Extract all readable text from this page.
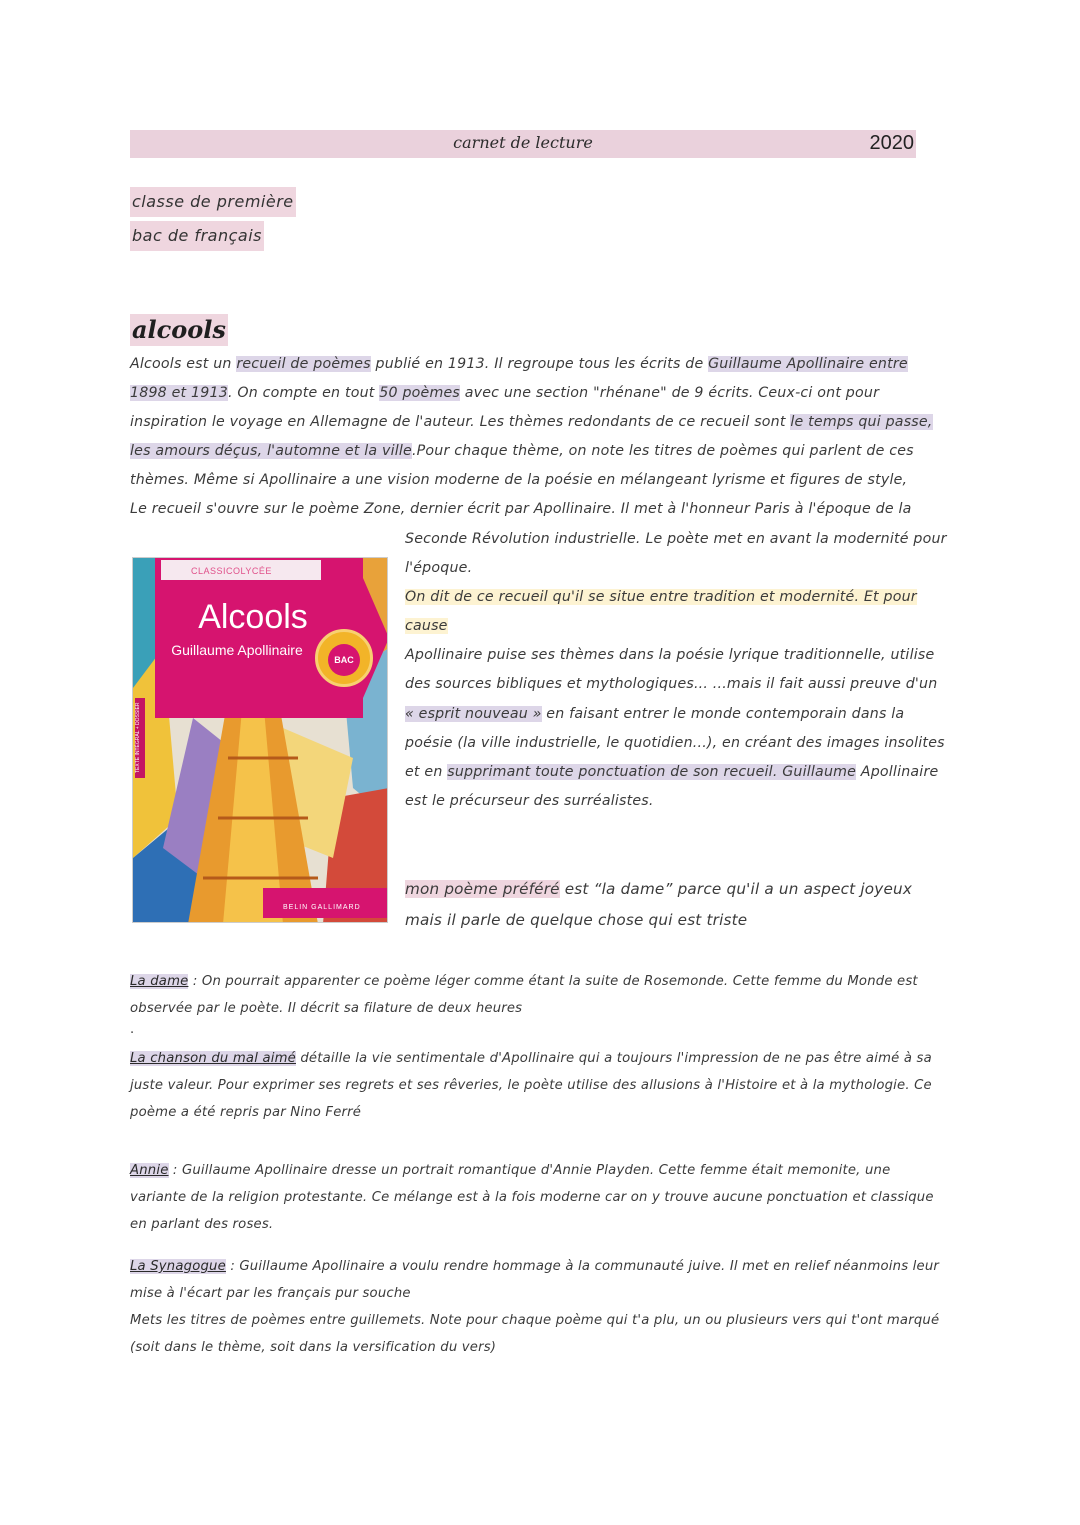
carnet de lecture	2020
classe de première
bac de français
alcools
Alcools est un recueil de poèmes publié en 1913. Il regroupe tous les écrits de Guillaume Apollinaire entre 1898 et 1913. On compte en tout 50 poèmes avec une section "rhénane" de 9 écrits. Ceux-ci ont pour inspiration le voyage en Allemagne de l'auteur. Les thèmes redondants de ce recueil sont le temps qui passe, les amours déçus, l'automne et la ville.Pour chaque thème, on note les titres de poèmes qui parlent de ces thèmes. Même si Apollinaire a une vision moderne de la poésie en mélangeant lyrisme et figures de style,
Le recueil s'ouvre sur le poème Zone, dernier écrit par Apollinaire. Il met à l'honneur Paris à l'époque de la
CLASSICOLYCÉE
Alcools
Guillaume Apollinaire
BAC
TEXTE INTÉGRAL + DOSSIER
BELIN GALLIMARD
Seconde Révolution industrielle. Le poète met en avant la modernité pour l'époque.
On dit de ce recueil qu'il se situe entre tradition et modernité. Et pour cause
Apollinaire puise ses thèmes dans la poésie lyrique traditionnelle, utilise des sources bibliques et mythologiques... ...mais il fait aussi preuve d'un « esprit nouveau » en faisant entrer le monde contemporain dans la poésie (la ville industrielle, le quotidien...), en créant des images insolites et en supprimant toute ponctuation de son recueil. Guillaume Apollinaire est le précurseur des surréalistes.
mon poème préféré est “la dame” parce qu'il a un aspect joyeux mais il parle de quelque chose qui est triste
La dame : On pourrait apparenter ce poème léger comme étant la suite de Rosemonde. Cette femme du Monde est observée par le poète. Il décrit sa filature de deux heures
.
La chanson du mal aimé détaille la vie sentimentale d'Apollinaire qui a toujours l'impression de ne pas être aimé à sa juste valeur. Pour exprimer ses regrets et ses rêveries, le poète utilise des allusions à l'Histoire et à la mythologie. Ce poème a été repris par Nino Ferré
Annie : Guillaume Apollinaire dresse un portrait romantique d'Annie Playden. Cette femme était memonite, une variante de la religion protestante. Ce mélange est à la fois moderne car on y trouve aucune ponctuation et classique en parlant des roses.
La Synagogue : Guillaume Apollinaire a voulu rendre hommage à la communauté juive. Il met en relief néanmoins leur mise à l'écart par les français pur souche
Mets les titres de poèmes entre guillemets. Note pour chaque poème qui t'a plu, un ou plusieurs vers qui t'ont marqué (soit dans le thème, soit dans la versification du vers)
